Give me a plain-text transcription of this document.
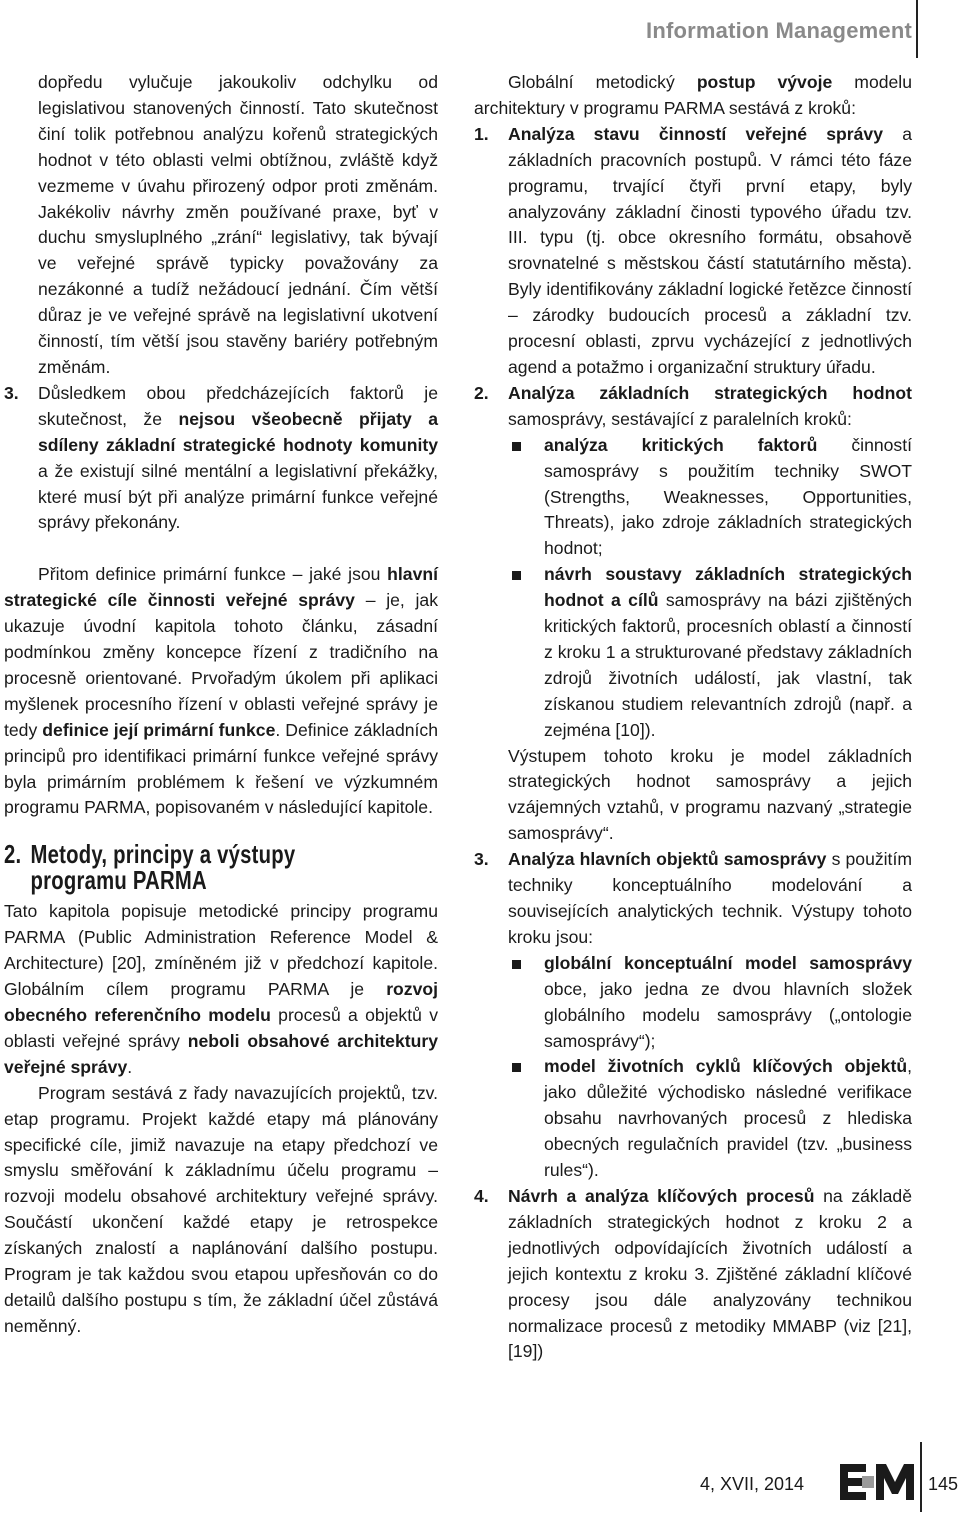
Information Management

dopředu vylučuje jakoukoliv odchylku od legislativou stanovených činností. Tato skutečnost činí tolik potřebnou analýzu kořenů strategických hodnot v této oblasti velmi obtížnou, zvláště když vezmeme v úvahu přirozený odpor proti změnám. Jakékoliv návrhy změn používané praxe, byť v duchu smysluplného „zrání“ legislativy, tak bývají ve veřejné správě typicky považovány za nezákonné a tudíž nežádoucí jednání. Čím větší důraz je ve veřejné správě na legislativní ukotvení činností, tím větší jsou stavěny bariéry potřebným změnám.

3. Důsledkem obou předcházejících faktorů je skutečnost, že nejsou všeobecně přijaty a sdíleny základní strategické hodnoty komunity a že existují silné mentální a legislativní překážky, které musí být při analýze primární funkce veřejné správy překonány.

Přitom definice primární funkce – jaké jsou hlavní strategické cíle činnosti veřejné správy – je, jak ukazuje úvodní kapitola tohoto článku, zásadní podmínkou změny koncepce řízení z tradičního na procesně orientované. Prvořadým úkolem při aplikaci myšlenek procesního řízení v oblasti veřejné správy je tedy definice její primární funkce. Definice základních principů pro identifikaci primární funkce veřejné správy byla primárním problémem k řešení ve výzkumném programu PARMA, popisovaném v následující kapitole.

2. Metody, principy a výstupy
programu PARMA

Tato kapitola popisuje metodické principy programu PARMA (Public Administration Reference Model & Architecture) [20], zmíněném již v předchozí kapitole. Globálním cílem programu PARMA je rozvoj obecného referenčního modelu procesů a objektů v oblasti veřejné správy neboli obsahové architektury veřejné správy.

Program sestává z řady navazujících projektů, tzv. etap programu. Projekt každé etapy má plánovány specifické cíle, jimiž navazuje na etapy předchozí ve smyslu směřování k základnímu účelu programu – rozvoji modelu obsahové architektury veřejné správy. Součástí ukončení každé etapy je retrospekce získaných znalostí a naplánování dalšího postupu. Program je tak každou svou etapou upřesňován co do detailů dalšího postupu s tím, že základní účel zůstává neměnný.

Globální metodický postup vývoje modelu architektury v programu PARMA sestává z kroků:

1. Analýza stavu činností veřejné správy a základních pracovních postupů. V rámci této fáze programu, trvající čtyři první etapy, byly analyzovány základní činosti typového úřadu tzv. III. typu (tj. obce okresního formátu, obsahově srovnatelné s městskou částí statutárního města). Byly identifikovány základní logické řetězce činností – zárodky budoucích procesů a základní tzv. procesní oblasti, zprvu vycházející z jednotlivých agend a potažmo i organizační struktury úřadu.
2. Analýza základních strategických hodnot samosprávy, sestávající z paralelních kroků:
analýza kritických faktorů činností samosprávy s použitím techniky SWOT (Strengths, Weaknesses, Opportunities, Threats), jako zdroje základních strategických hodnot;
návrh soustavy základních strategických hodnot a cílů samosprávy na bázi zjištěných kritických faktorů, procesních oblastí a činností z kroku 1 a strukturované představy základních zdrojů životních událostí, jak vlastní, tak získanou studiem relevantních zdrojů (např. a zejména [10]).

Výstupem tohoto kroku je model základních strategických hodnot samosprávy a jejich vzájemných vztahů, v programu nazvaný „strategie samosprávy“.

3. Analýza hlavních objektů samosprávy s použitím techniky konceptuálního modelování a souvisejících analytických technik. Výstupy tohoto kroku jsou:
globální konceptuální model samosprávy obce, jako jedna ze dvou hlavních složek globálního modelu samosprávy („ontologie samosprávy“);
model životních cyklů klíčových objektů, jako důležité východisko následné verifikace obsahu navrhovaných procesů z hlediska obecných regulačních pravidel (tzv. „business rules“).
4. Návrh a analýza klíčových procesů na základě základních strategických hodnot z kroku 2 a jednotlivých odpovídajících životních událostí a jejich kontextu z kroku 3. Zjištěné základní klíčové procesy jsou dále analyzovány technikou normalizace procesů z metodiky MMABP (viz [21], [19])
4, XVII, 2014	145
